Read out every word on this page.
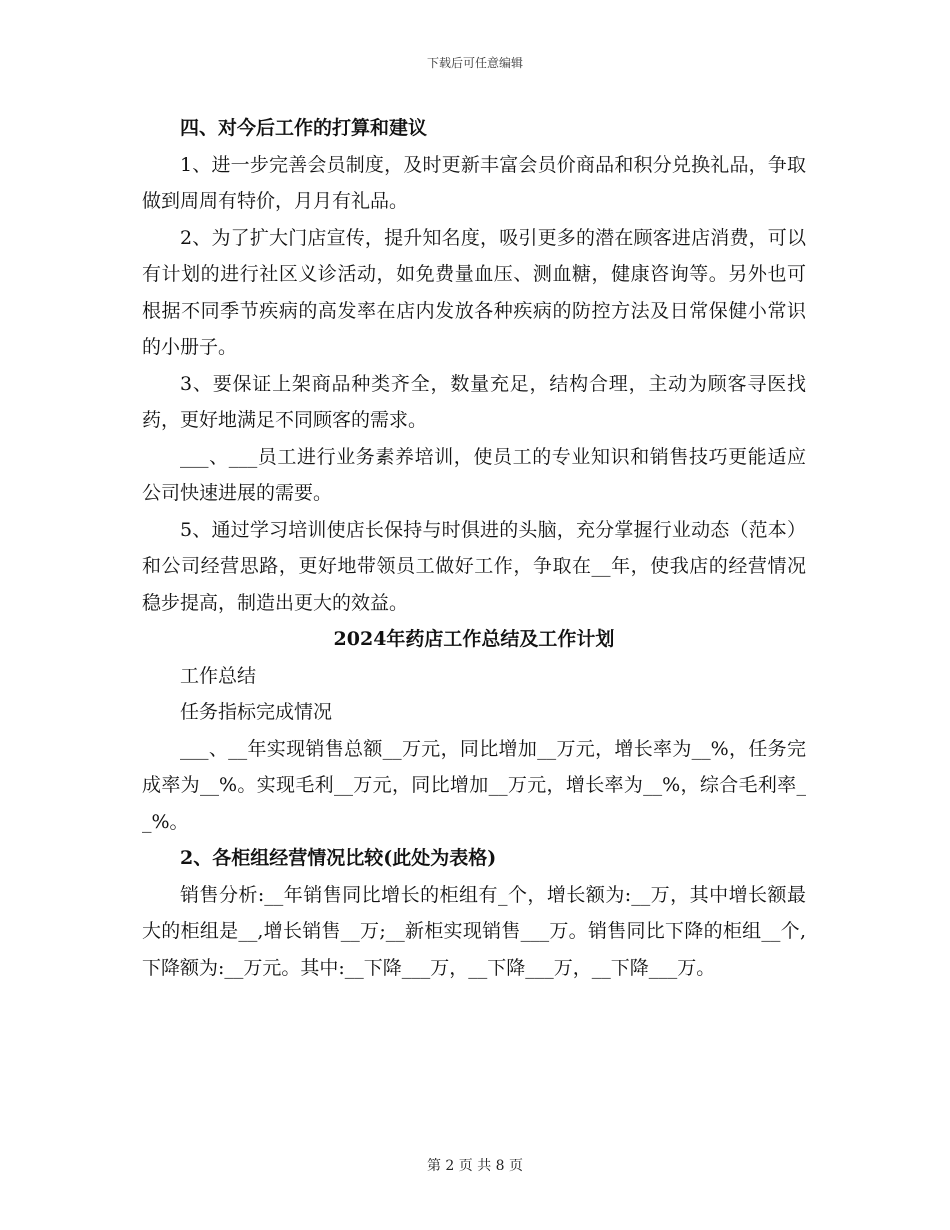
下载后可任意编辑

四、对今后工作的打算和建议

1、进一步完善会员制度，及时更新丰富会员价商品和积分兑换礼品，争取做到周周有特价，月月有礼品。

2、为了扩大门店宣传，提升知名度，吸引更多的潜在顾客进店消费，可以有计划的进行社区义诊活动，如免费量血压、测血糖，健康咨询等。另外也可根据不同季节疾病的高发率在店内发放各种疾病的防控方法及日常保健小常识的小册子。

3、要保证上架商品种类齐全，数量充足，结构合理，主动为顾客寻医找药，更好地满足不同顾客的需求。

___、___员工进行业务素养培训，使员工的专业知识和销售技巧更能适应公司快速进展的需要。

5、通过学习培训使店长保持与时俱进的头脑，充分掌握行业动态（范本）和公司经营思路，更好地带领员工做好工作，争取在__年，使我店的经营情况稳步提高，制造出更大的效益。

2024年药店工作总结及工作计划

工作总结

任务指标完成情况

___、__年实现销售总额__万元，同比增加__万元，增长率为__%，任务完成率为__%。实现毛利__万元，同比增加__万元，增长率为__%，综合毛利率__%。

2、各柜组经营情况比较(此处为表格)

销售分析:__年销售同比增长的柜组有_个，增长额为:__万，其中增长额最大的柜组是__,增长销售__万;__新柜实现销售___万。销售同比下降的柜组__个,下降额为:__万元。其中:__下降___万，__下降___万，__下降___万。

第 2 页 共 8 页
